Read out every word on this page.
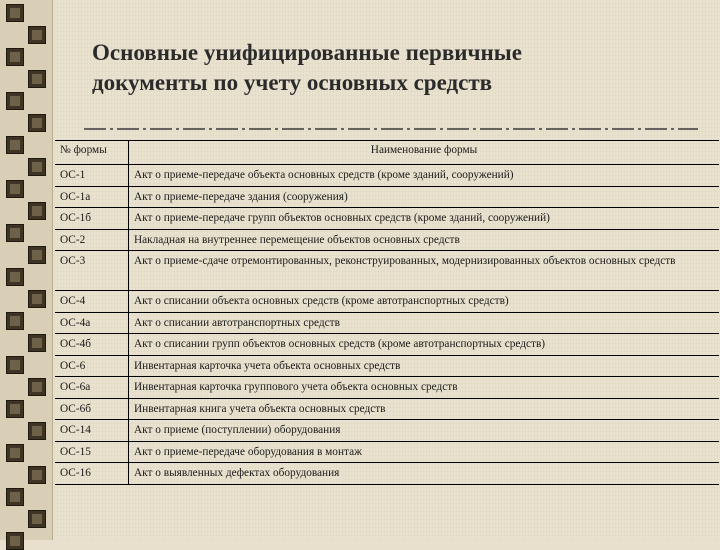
Основные унифицированные первичные
документы по учету основных средств
№ формы	Наименование формы
ОС-1	Акт о приеме-передаче объекта основных средств (кроме зданий, сооружений)
ОС-1а	Акт о приеме-передаче здания (сооружения)
ОС-1б	Акт о приеме-передаче групп объектов основных средств (кроме зданий, сооружений)
ОС-2	Накладная на внутреннее перемещение объектов основных средств
ОС-3	Акт о приеме-сдаче отремонтированных, реконструированных, модернизированных объектов основных средств
ОС-4	Акт о списании объекта основных средств (кроме автотранспортных средств)
ОС-4а	Акт о списании автотранспортных средств
ОС-4б	Акт о списании групп объектов основных средств (кроме автотранспортных средств)
ОС-6	Инвентарная карточка учета объекта основных средств
ОС-6а	Инвентарная карточка группового учета объекта основных средств
ОС-6б	Инвентарная книга учета объекта основных средств
ОС-14	Акт о приеме (поступлении) оборудования
ОС-15	Акт о приеме-передаче оборудования в монтаж
ОС-16	Акт о выявленных дефектах оборудования
